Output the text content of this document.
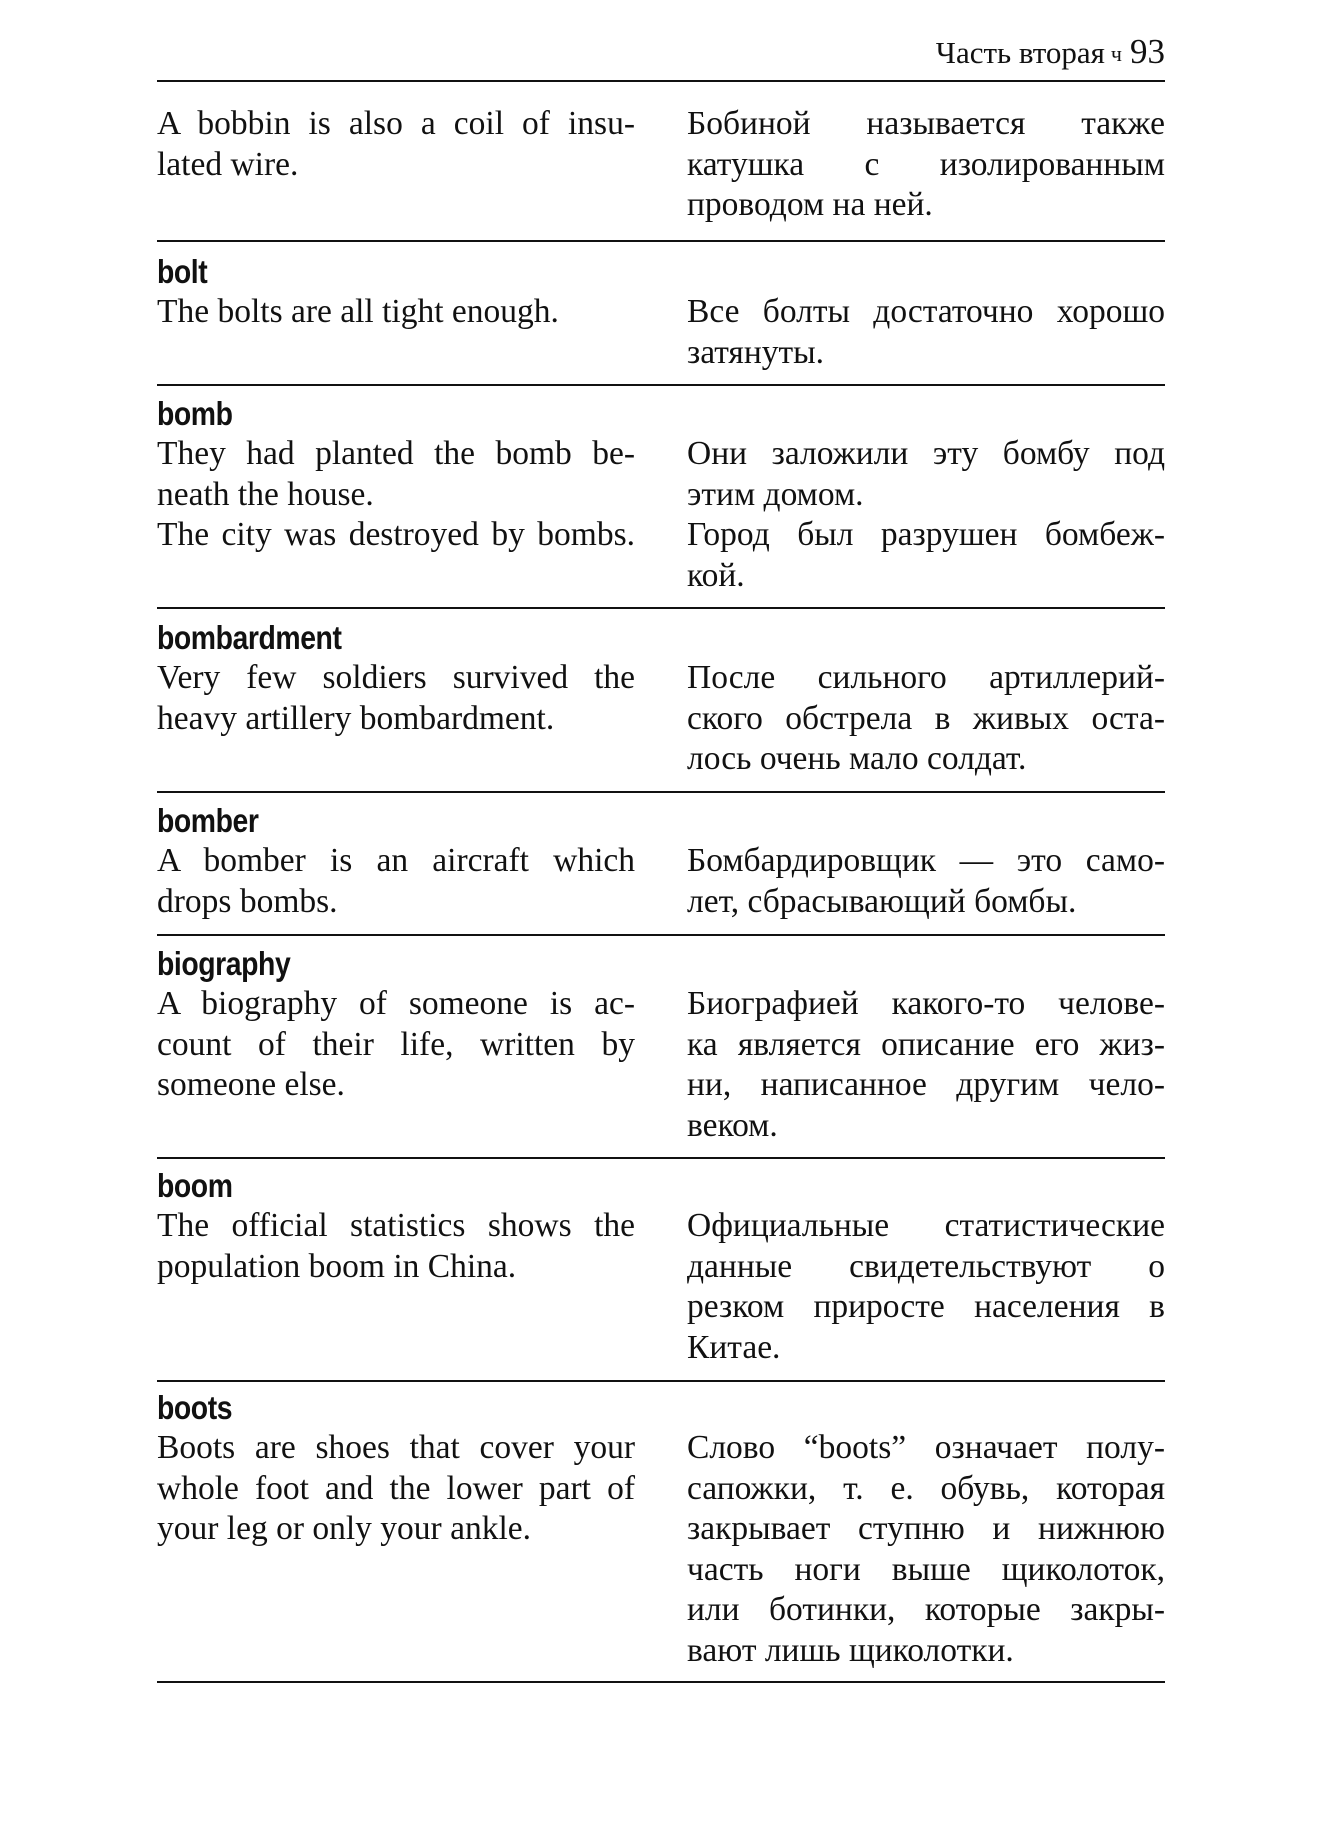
Часть вторая ч 93
A bobbin is also a coil of insu-
lated wire.
Бобиной называется также
катушка с изолированным
проводом на ней.
bolt
The bolts are all tight enough.	Все болты достаточно хорошо
затянуты.
bomb
They had planted the bomb be-
neath the house.
The city was destroyed by bombs.
Они заложили эту бомбу под
этим домом.
Город был разрушен бомбеж-
кой.
bombardment
Very few soldiers survived the
heavy artillery bombardment.
После сильного артиллерий-
ского обстрела в живых оста-
лось очень мало солдат.
bomber
A bomber is an aircraft which
drops bombs.
Бомбардировщик — это само-
лет, сбрасывающий бомбы.
biography
A biography of someone is ac-
count of their life, written by
someone else.
Биографией какого-то челове-
ка является описание его жиз-
ни, написанное другим чело-
веком.
boom
The official statistics shows the
population boom in China.
Официальные статистические
данные свидетельствуют о
резком приросте населения в
Китае.
boots
Boots are shoes that cover your
whole foot and the lower part of
your leg or only your ankle.
Слово “boots” означает полу-
сапожки, т. е. обувь, которая
закрывает ступню и нижнюю
часть ноги выше щиколоток,
или ботинки, которые закры-
вают лишь щиколотки.
